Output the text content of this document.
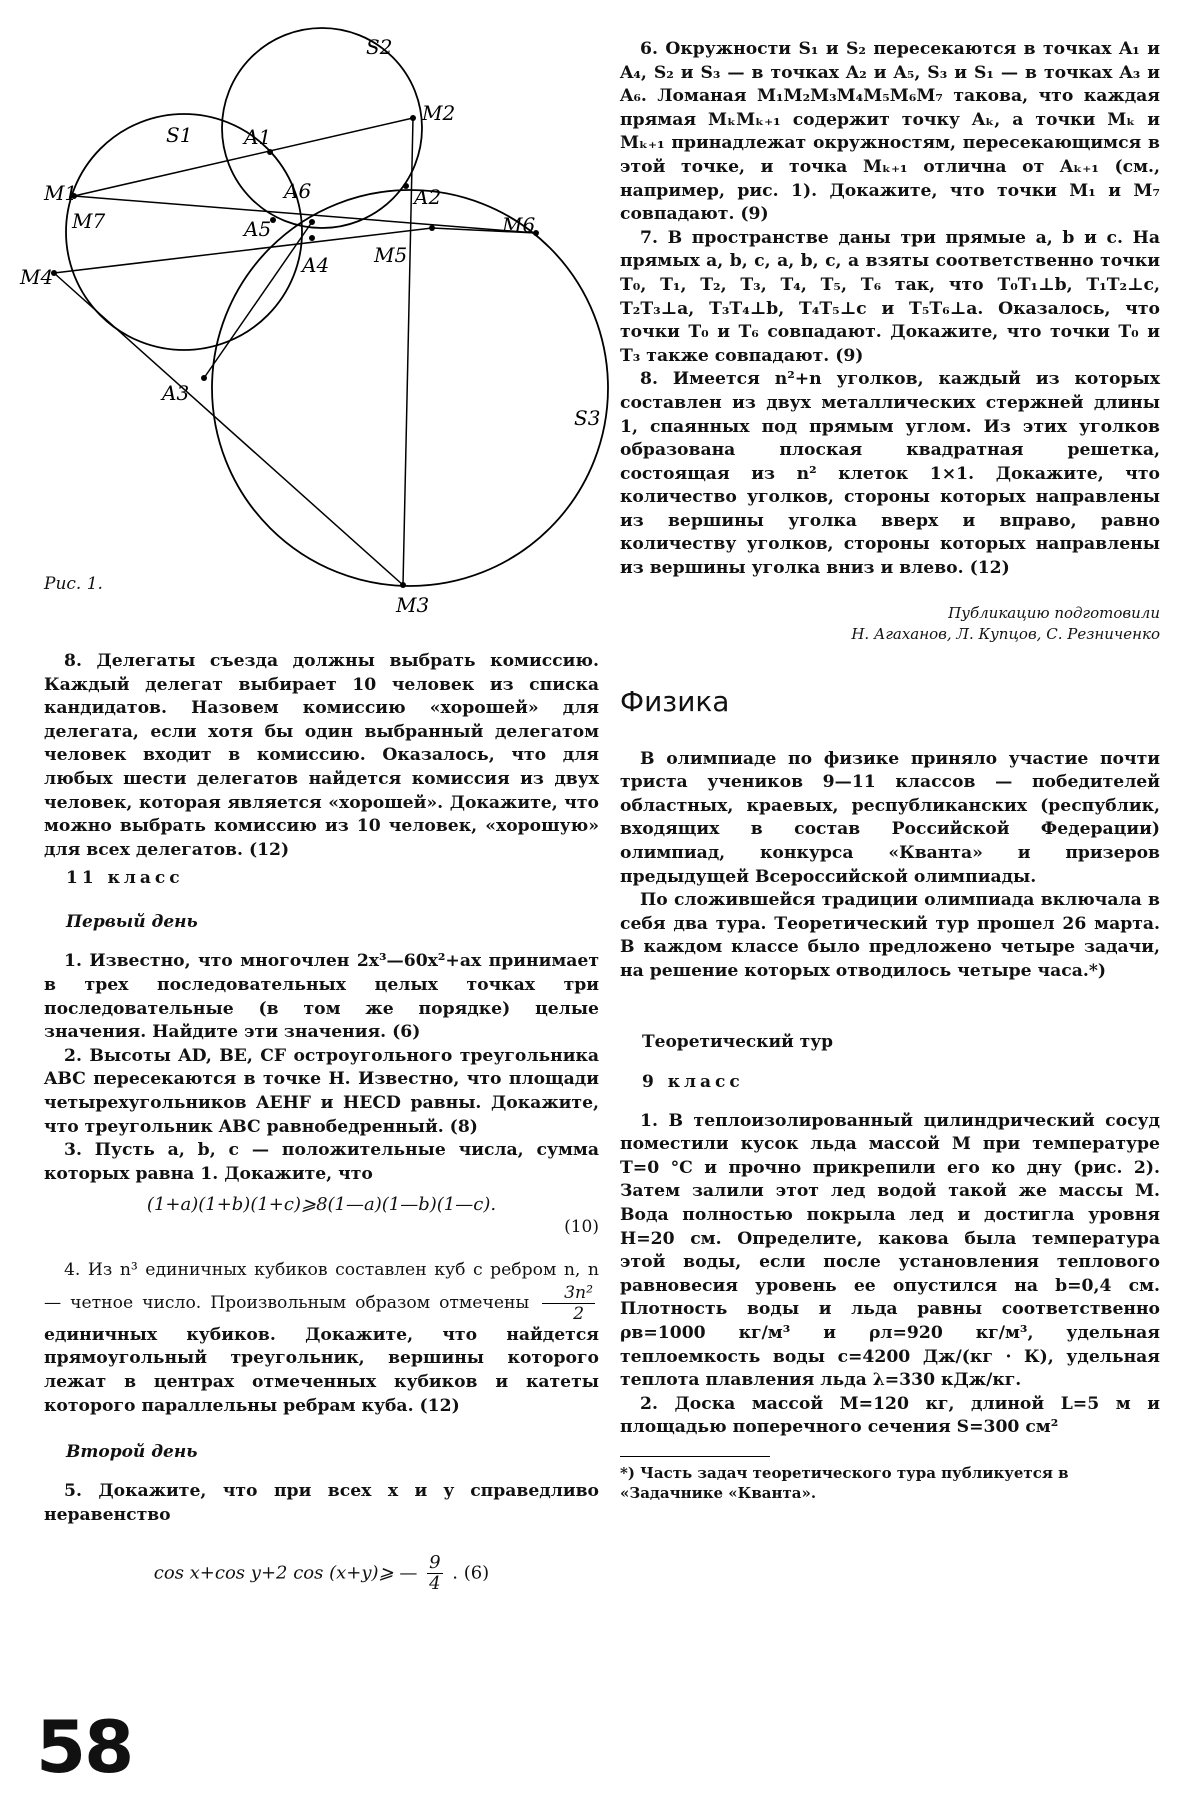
S2
S1
S3
A1
A2
A3
A4
A5
A6
M1
M2
M3
M4
M5
M6
M7
Рис. 1.

8. Делегаты съезда должны выбрать комиссию. Каждый делегат выбирает 10 человек из списка кандидатов. Назовем комиссию «хорошей» для делегата, если хотя бы один выбранный делегатом человек входит в комиссию. Оказалось, что для любых шести делегатов найдется комиссия из двух человек, которая является «хорошей». Докажите, что можно выбрать комиссию из 10 человек, «хорошую» для всех делегатов. (12)

11 класс
Первый день

1. Известно, что многочлен 2x³—60x²+ax принимает в трех последовательных целых точках три последовательные (в том же порядке) целые значения. Найдите эти значения. (6)

2. Высоты AD, BE, CF остроугольного треугольника ABC пересекаются в точке H. Известно, что площади четырехугольников AEHF и HECD равны. Докажите, что треугольник ABC равнобедренный. (8)

3. Пусть a, b, c — положительные числа, сумма которых равна 1. Докажите, что

(1+a)(1+b)(1+c)⩾8(1—a)(1—b)(1—c).
(10)

4. Из n³ единичных кубиков составлен куб с ребром n, n — четное число. Произвольным образом отмечены $\frac{\text{3n²}}{2}$
единичных кубиков. Докажите, что найдется прямоугольный треугольник, вершины которого лежат в центрах отмеченных кубиков и катеты которого параллельны ребрам куба. (12)

Второй день

5. Докажите, что при всех x и y справедливо неравенство

cos x+cos y+2 cos (x+y)⩾ — $\frac{9}{4}$ . (6)

6. Окружности S₁ и S₂ пересекаются в точках A₁ и A₄, S₂ и S₃ — в точках A₂ и A₅, S₃ и S₁ — в точках A₃ и A₆. Ломаная M₁M₂M₃M₄M₅M₆M₇ такова, что каждая прямая MₖMₖ₊₁ содержит точку Aₖ, а точки Mₖ и Mₖ₊₁ принадлежат окружностям, пересекающимся в этой точке, и точка Mₖ₊₁ отлична от Aₖ₊₁ (см., например, рис. 1). Докажите, что точки M₁ и M₇ совпадают. (9)

7. В пространстве даны три прямые a, b и c. На прямых a, b, c, a, b, c, a взяты соответственно точки T₀, T₁, T₂, T₃, T₄, T₅, T₆ так, что T₀T₁⊥b, T₁T₂⊥c, T₂T₃⊥a, T₃T₄⊥b, T₄T₅⊥c и T₅T₆⊥a. Оказалось, что точки T₀ и T₆ совпадают. Докажите, что точки T₀ и T₃ также совпадают. (9)

8. Имеется n²+n уголков, каждый из которых составлен из двух металлических стержней длины 1, спаянных под прямым углом. Из этих уголков образована плоская квадратная решетка, состоящая из n² клеток 1×1. Докажите, что количество уголков, стороны которых направлены из вершины уголка вверх и вправо, равно количеству уголков, стороны которых направлены из вершины уголка вниз и влево. (12)

Публикацию подготовили
Н. Агаханов, Л. Купцов, С. Резниченко
Физика

В олимпиаде по физике приняло участие почти триста учеников 9—11 классов — победителей областных, краевых, республиканских (республик, входящих в состав Российской Федерации) олимпиад, конкурса «Кванта» и призеров предыдущей Всероссийской олимпиады.

По сложившейся традиции олимпиада включала в себя два тура. Теоретический тур прошел 26 марта. В каждом классе было предложено четыре задачи, на решение которых отводилось четыре часа.*)

Теоретический тур
9 класс

1. В теплоизолированный цилиндрический сосуд поместили кусок льда массой M при температуре T=0 °C и прочно прикрепили его ко дну (рис. 2). Затем залили этот лед водой такой же массы M. Вода полностью покрыла лед и достигла уровня H=20 см. Определите, какова была температура этой воды, если после установления теплового равновесия уровень ее опустился на b=0,4 см. Плотность воды и льда равны соответственно ρв=1000 кг/м³ и ρл=920 кг/м³, удельная теплоемкость воды c=4200 Дж/(кг · К), удельная теплота плавления льда λ=330 кДж/кг.

2. Доска массой M=120 кг, длиной L=5 м и площадью поперечного сечения S=300 см²

*) Часть задач теоретического тура публикуется в «Задачнике «Кванта».
58
